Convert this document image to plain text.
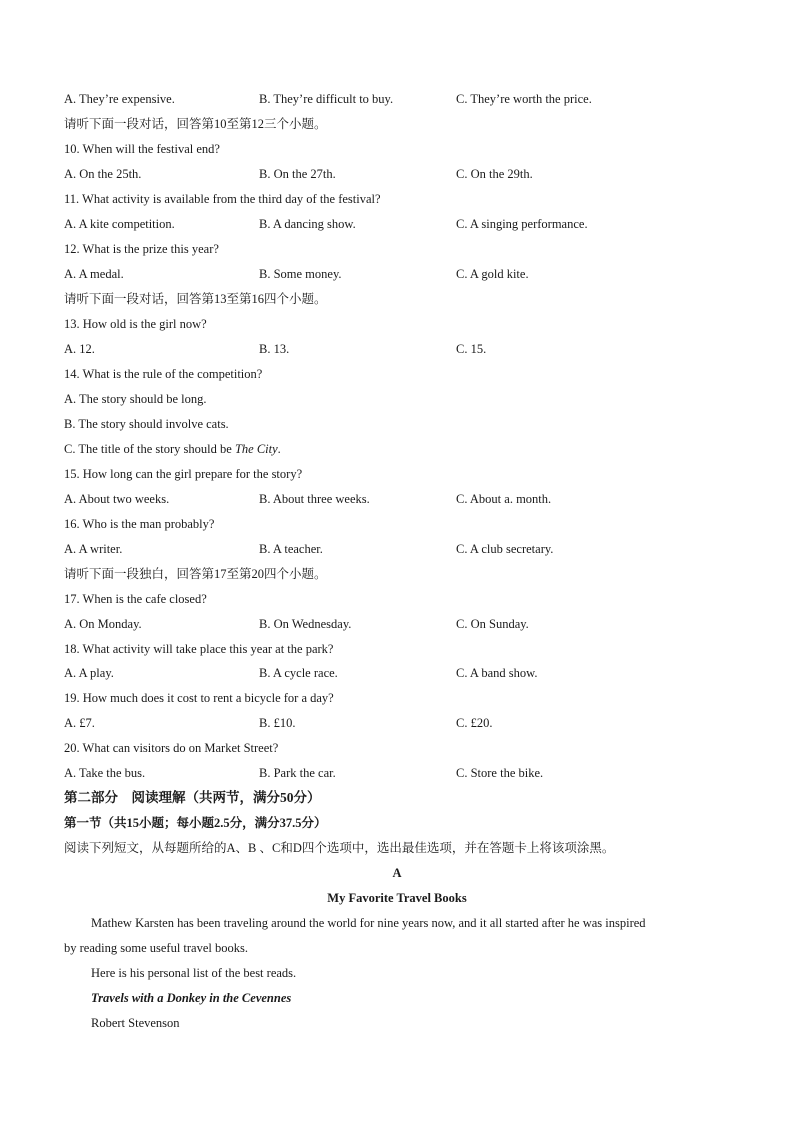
A. They’re expensive.	B. They’re difficult to buy.	C. They’re worth the price.
请听下面一段对话，回答第10至第12三个小题。
10. When will the festival end?
A. On the 25th.	B. On the 27th.	C. On the 29th.
11. What activity is available from the third day of the festival?
A. A kite competition.	B. A dancing show.	C. A singing performance.
12. What is the prize this year?
A. A medal.	B. Some money.	C. A gold kite.
请听下面一段对话，回答第13至第16四个小题。
13. How old is the girl now?
A. 12.	B. 13.	C. 15.
14. What is the rule of the competition?
A. The story should be long.
B. The story should involve cats.
C. The title of the story should be The City.
15. How long can the girl prepare for the story?
A. About two weeks.	B. About three weeks.	C. About a. month.
16. Who is the man probably?
A. A writer.	B. A teacher.	C. A club secretary.
请听下面一段独白，回答第17至第20四个小题。
17. When is the cafe closed?
A. On Monday.	B. On Wednesday.	C. On Sunday.
18. What activity will take place this year at the park?
A. A play.	B. A cycle race.	C. A band show.
19. How much does it cost to rent a bicycle for a day?
A. £7.	B. £10.	C. £20.
20. What can visitors do on Market Street?
A. Take the bus.	B. Park the car.	C. Store the bike.
第二部分　阅读理解（共两节，满分50分）
第一节（共15小题；每小题2.5分，满分37.5分）
阅读下列短文，从每题所给的A、B 、C和D四个选项中，选出最佳选项，并在答题卡上将该项涂黑。
A
My Favorite Travel Books
Mathew Karsten has been traveling around the world for nine years now, and it all started after he was inspired
by reading some useful travel books.
Here is his personal list of the best reads.
Travels with a Donkey in the Cevennes
Robert Stevenson
